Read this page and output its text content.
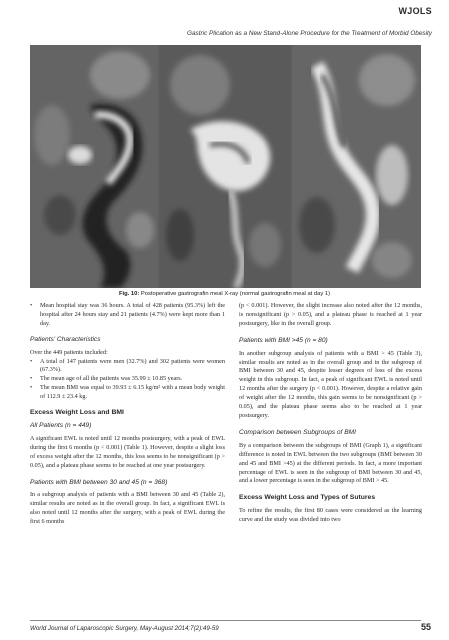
WJOLS
Gastric Plication as a New Stand-Alone Procedure for the Treatment of Morbid Obesity
Fig. 10: Postoperative gastrografin meal X-ray (normal gastrografin meal at day 1)
• Mean hospital stay was 36 hours. A total of 428 patients (95.3%) left the hospital after 24 hours stay and 21 patients (4.7%) were kept more than 1 day.
Patients' Characteristics

Over the 449 patients included:

• A total of 147 patients were men (32.7%) and 302 patients were women (67.3%).
• The mean age of all the patients was 35.99 ± 10.85 years.
• The mean BMI was equal to 39.93 ± 6.15 kg/m² with a mean body weight of 112.9 ± 23.4 kg.
Excess Weight Loss and BMI
All Patients (n = 449)

A significant EWL is noted until 12 months postsurgery, with a peak of EWL during the first 6 months (p < 0.001) (Table 1). However, despite a slight loss of excess weight after the 12 months, this loss seems to be nonsignificant (p > 0.05), and a plateau phase seems to be reached at one year postsurgery.

Patients with BMI between 30 and 45 (n = 368)

In a subgroup analysis of patients with a BMI between 30 and 45 (Table 2), similar results are noted as in the overall group. In fact, a significant EWL is also noted until 12 months after the surgery, with a peak of EWL during the first 6 months

(p < 0.001). However, the slight increase also noted after the 12 months, is nonsignificant (p > 0.05), and a plateau phase is reached at 1 year postsurgery, like in the overall group.

Patients with BMI >45 (n = 80)

In another subgroup analysis of patients with a BMI > 45 (Table 3), similar results are noted as in the overall group and in the subgroup of BMI between 30 and 45, despite lesser degrees of loss of the excess weight in this subgroup. In fact, a peak of significant EWL is noted until 12 months after the surgery (p < 0.001). However, despite a relative gain of weight after the 12 months, this gain seems to be nonsignificant (p > 0.05), and the plateau phase seems also to be reached at 1 year postsurgery.

Comparison between Subgroups of BMI

By a comparison between the subgroups of BMI (Graph 1), a significant difference is noted in EWL between the two subgroups (BMI between 30 and 45 and BMI >45) at the different periods. In fact, a more important percentage of EWL is seen in the subgroup of BMI between 30 and 45, and a lower percentage is seen in the subgroup of BMI > 45.

Excess Weight Loss and Types of Sutures

To refine the results, the first 80 cases were considered as the learning curve and the study was divided into two

World Journal of Laparoscopic Surgery, May-August 2014;7(2):49-59	55
